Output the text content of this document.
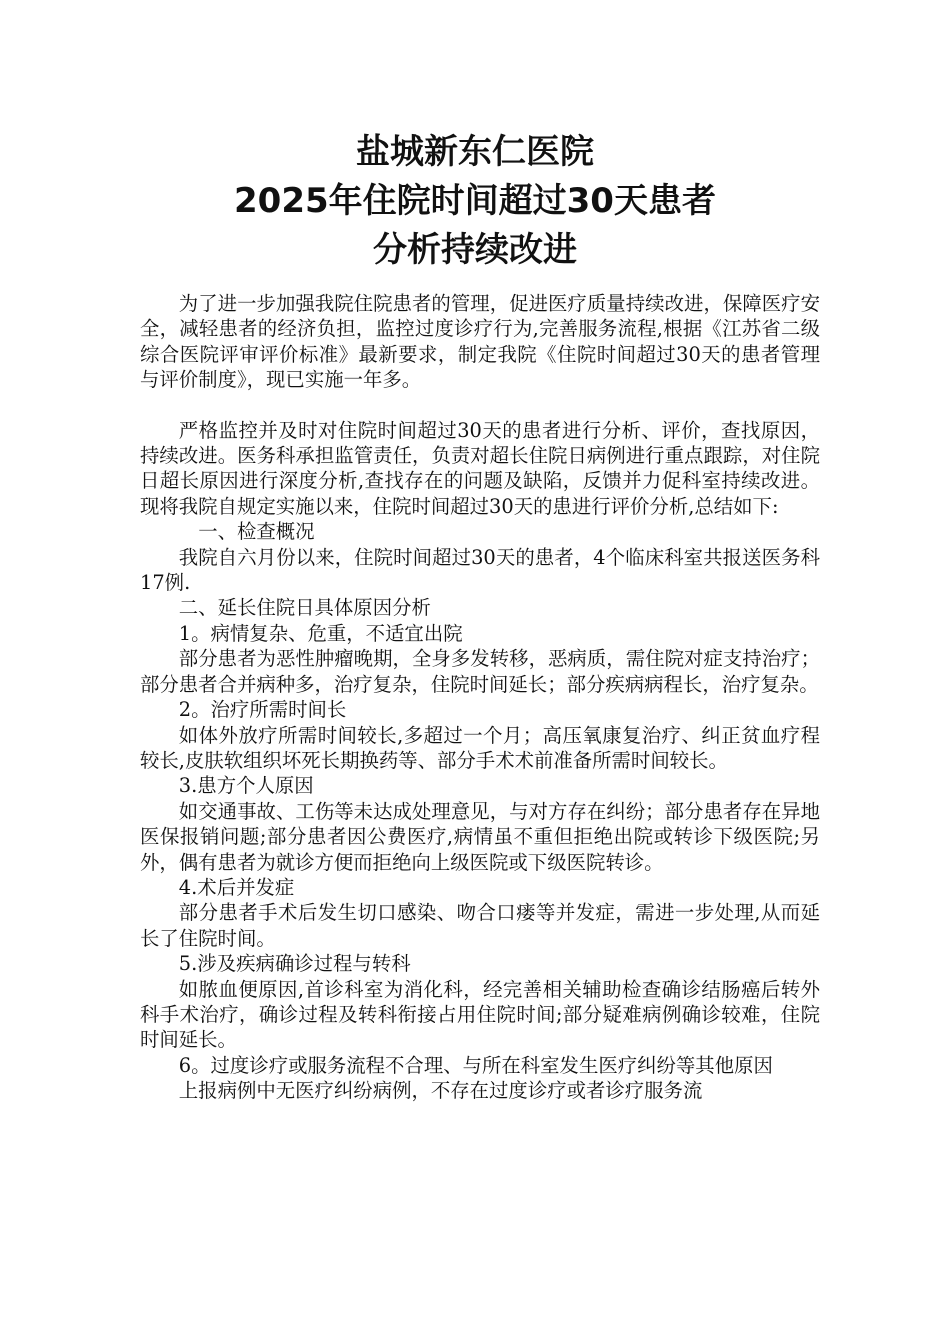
盐城新东仁医院
2025年住院时间超过30天患者
分析持续改进

为了进一步加强我院住院患者的管理，促进医疗质量持续改进，保障医疗安全，减轻患者的经济负担，监控过度诊疗行为,完善服务流程,根据《江苏省二级综合医院评审评价标准》最新要求，制定我院《住院时间超过30天的患者管理与评价制度》，现已实施一年多。

严格监控并及时对住院时间超过30天的患者进行分析、评价，查找原因，持续改进。医务科承担监管责任，负责对超长住院日病例进行重点跟踪，对住院日超长原因进行深度分析,查找存在的问题及缺陷，反馈并力促科室持续改进。现将我院自规定实施以来，住院时间超过30天的患进行评价分析,总结如下:

一、检查概况

我院自六月份以来，住院时间超过30天的患者，4个临床科室共报送医务科17例.

二、延长住院日具体原因分析

1。病情复杂、危重，不适宜出院

部分患者为恶性肿瘤晚期，全身多发转移，恶病质，需住院对症支持治疗；部分患者合并病种多，治疗复杂，住院时间延长；部分疾病病程长，治疗复杂。

2。治疗所需时间长

如体外放疗所需时间较长,多超过一个月；高压氧康复治疗、纠正贫血疗程较长,皮肤软组织坏死长期换药等、部分手术术前准备所需时间较长。

3.患方个人原因

如交通事故、工伤等未达成处理意见，与对方存在纠纷；部分患者存在异地医保报销问题;部分患者因公费医疗,病情虽不重但拒绝出院或转诊下级医院;另外，偶有患者为就诊方便而拒绝向上级医院或下级医院转诊。

4.术后并发症

部分患者手术后发生切口感染、吻合口瘘等并发症，需进一步处理,从而延长了住院时间。

5.涉及疾病确诊过程与转科

如脓血便原因,首诊科室为消化科，经完善相关辅助检查确诊结肠癌后转外科手术治疗，确诊过程及转科衔接占用住院时间;部分疑难病例确诊较难，住院时间延长。

6。过度诊疗或服务流程不合理、与所在科室发生医疗纠纷等其他原因

上报病例中无医疗纠纷病例，不存在过度诊疗或者诊疗服务流
